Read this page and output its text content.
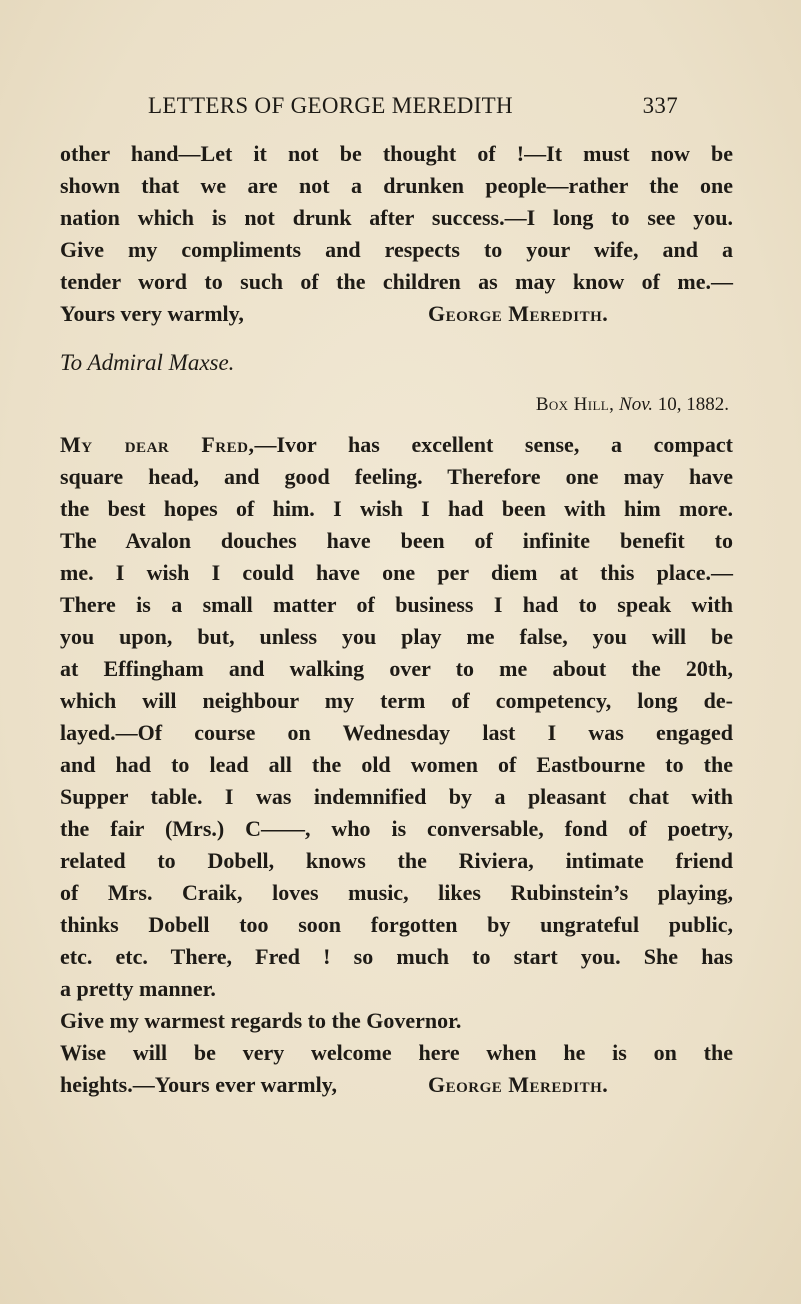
LETTERS OF GEORGE MEREDITH	337
other hand—Let it not be thought of !—It must now be
shown that we are not a drunken people—rather the one
nation which is not drunk after success.—I long to see you.
Give my compliments and respects to your wife, and a
tender word to such of the children as may know of me.—
Yours very warmly,	George Meredith.
To Admiral Maxse.
Box Hill, Nov. 10, 1882.
My dear Fred,—Ivor has excellent sense, a compact
square head, and good feeling. Therefore one may have
the best hopes of him. I wish I had been with him more.
The Avalon douches have been of infinite benefit to
me. I wish I could have one per diem at this place.—
There is a small matter of business I had to speak with
you upon, but, unless you play me false, you will be
at Effingham and walking over to me about the 20th,
which will neighbour my term of competency, long de-
layed.—Of course on Wednesday last I was engaged
and had to lead all the old women of Eastbourne to the
Supper table. I was indemnified by a pleasant chat with
the fair (Mrs.) C——, who is conversable, fond of poetry,
related to Dobell, knows the Riviera, intimate friend
of Mrs. Craik, loves music, likes Rubinstein’s playing,
thinks Dobell too soon forgotten by ungrateful public,
etc. etc. There, Fred ! so much to start you. She has
a pretty manner.
Give my warmest regards to the Governor.
Wise will be very welcome here when he is on the
heights.—Yours ever warmly,	George Meredith.
